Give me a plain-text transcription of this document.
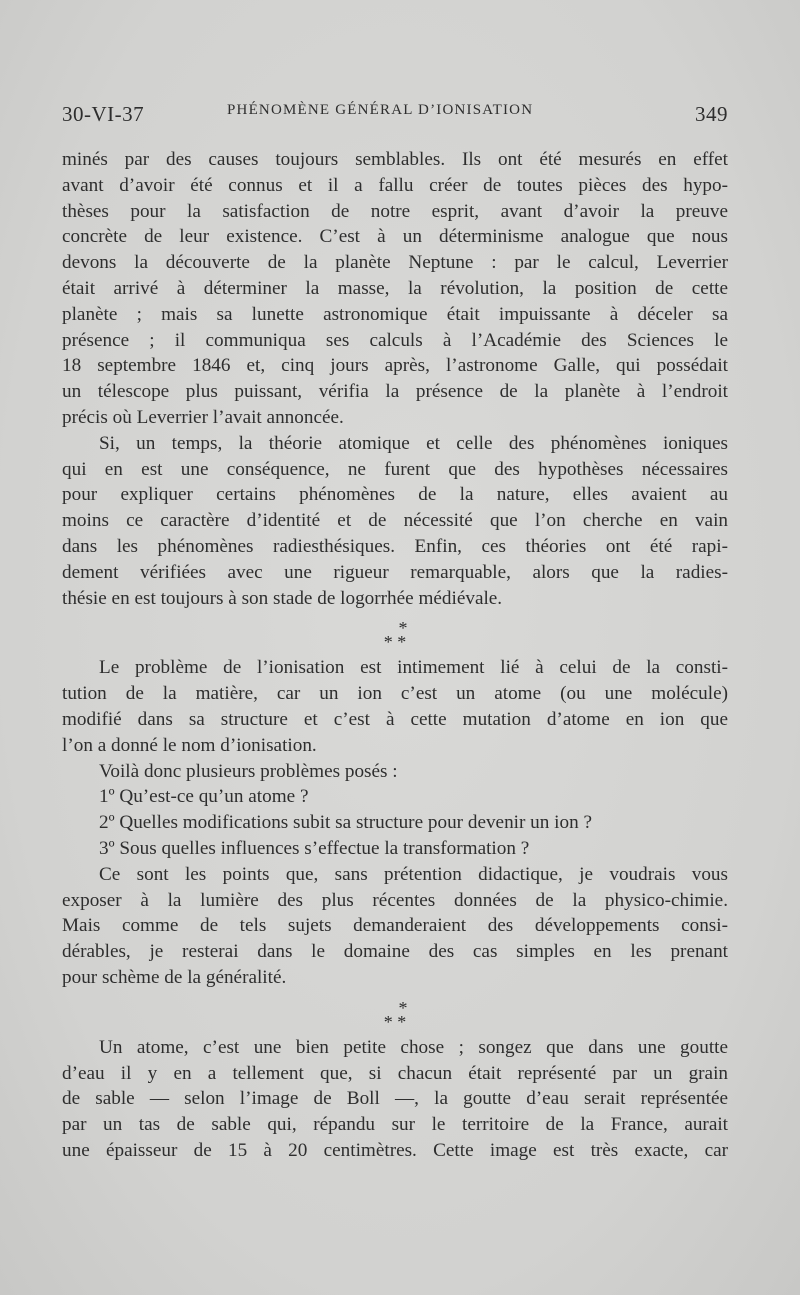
30-VI-37	PHÉNOMÈNE GÉNÉRAL D’IONISATION	349
minés par des causes toujours semblables. Ils ont été mesurés en effet
avant d’avoir été connus et il a fallu créer de toutes pièces des hypo-
thèses pour la satisfaction de notre esprit, avant d’avoir la preuve
concrète de leur existence. C’est à un déterminisme analogue que nous
devons la découverte de la planète Neptune : par le calcul, Leverrier
était arrivé à déterminer la masse, la révolution, la position de cette
planète ; mais sa lunette astronomique était impuissante à déceler sa
présence ; il communiqua ses calculs à l’Académie des Sciences le
18 septembre 1846 et, cinq jours après, l’astronome Galle, qui possédait
un télescope plus puissant, vérifia la présence de la planète à l’endroit
précis où Leverrier l’avait annoncée.
Si, un temps, la théorie atomique et celle des phénomènes ioniques
qui en est une conséquence, ne furent que des hypothèses nécessaires
pour expliquer certains phénomènes de la nature, elles avaient au
moins ce caractère d’identité et de nécessité que l’on cherche en vain
dans les phénomènes radiesthésiques. Enfin, ces théories ont été rapi-
dement vérifiées avec une rigueur remarquable, alors que la radies-
thésie en est toujours à son stade de logorrhée médiévale.
*
* *
Le problème de l’ionisation est intimement lié à celui de la consti-
tution de la matière, car un ion c’est un atome (ou une molécule)
modifié dans sa structure et c’est à cette mutation d’atome en ion que
l’on a donné le nom d’ionisation.
Voilà donc plusieurs problèmes posés :
1º Qu’est-ce qu’un atome ?
2º Quelles modifications subit sa structure pour devenir un ion ?
3º Sous quelles influences s’effectue la transformation ?
Ce sont les points que, sans prétention didactique, je voudrais vous
exposer à la lumière des plus récentes données de la physico-chimie.
Mais comme de tels sujets demanderaient des développements consi-
dérables, je resterai dans le domaine des cas simples en les prenant
pour schème de la généralité.
*
* *
Un atome, c’est une bien petite chose ; songez que dans une goutte
d’eau il y en a tellement que, si chacun était représenté par un grain
de sable — selon l’image de Boll —, la goutte d’eau serait représentée
par un tas de sable qui, répandu sur le territoire de la France, aurait
une épaisseur de 15 à 20 centimètres. Cette image est très exacte, car
